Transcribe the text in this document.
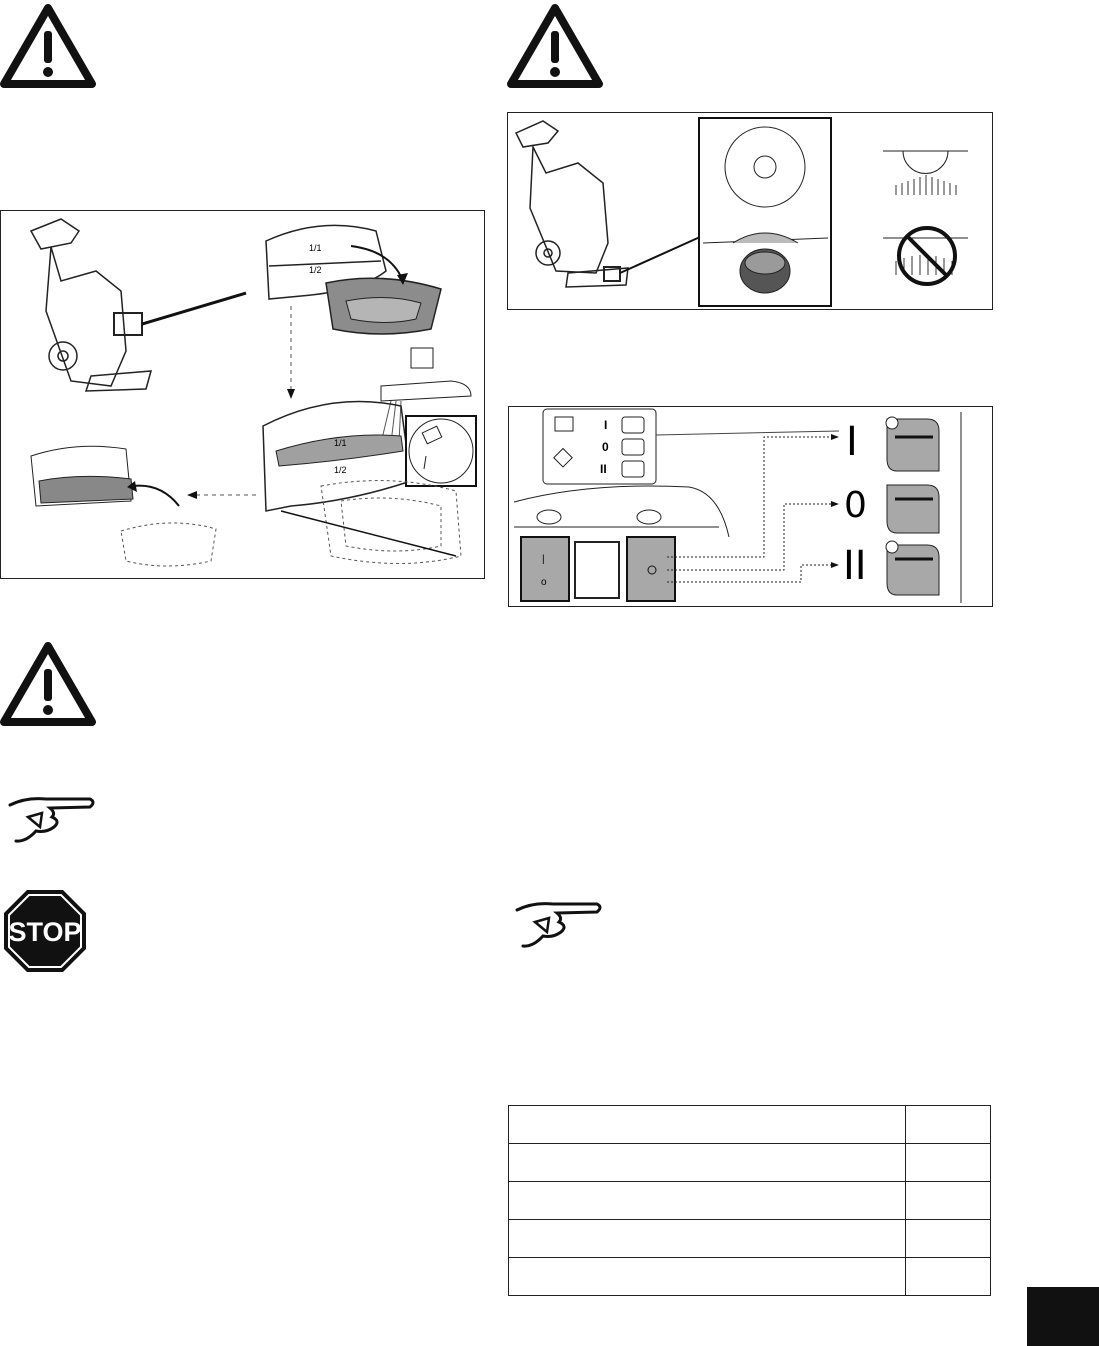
1/1
1/2
1/1
1/2
I
0
II
|
o
I
0
II
STOP
